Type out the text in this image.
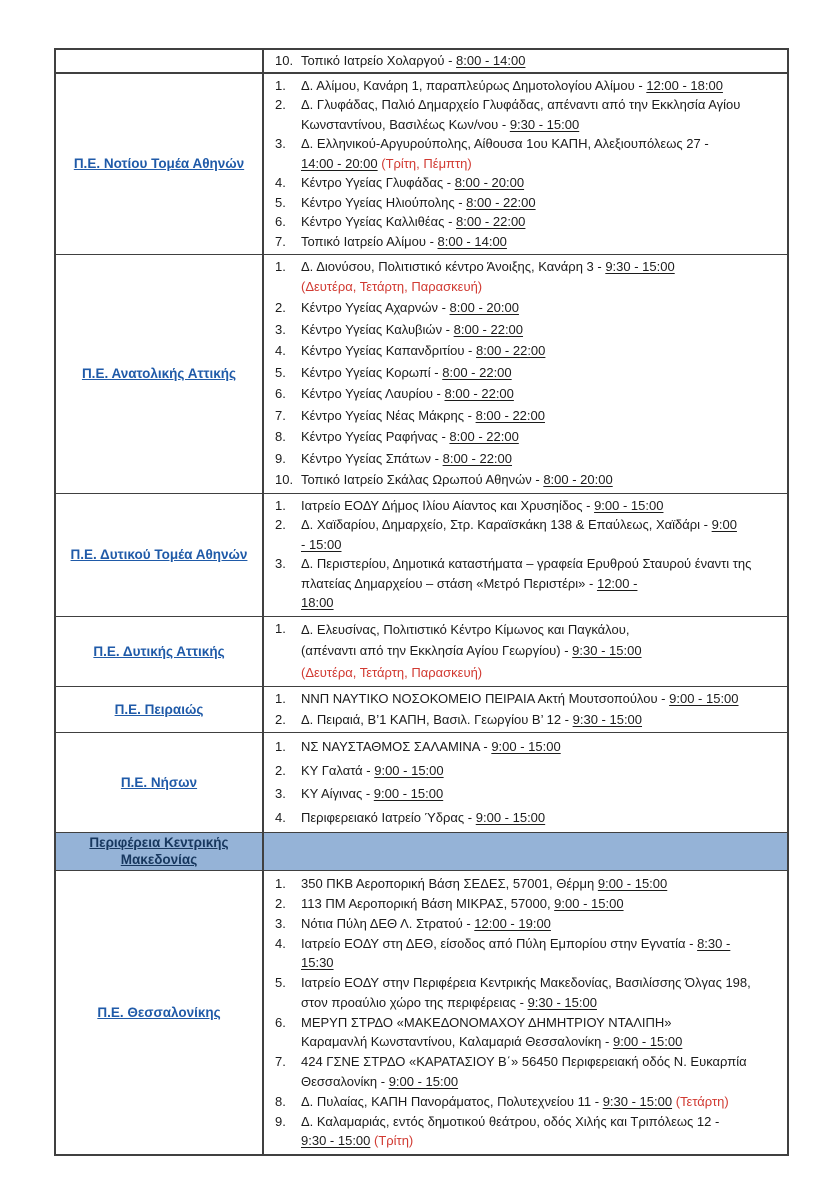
10. Τοπικό Ιατρείο Χολαργού - 8:00 - 14:00
Π.Ε. Νοτίου Τομέα Αθηνών
1.	Δ. Αλίμου, Κανάρη 1, παραπλεύρως Δημοτολογίου Αλίμου - 12:00 - 18:00
2.	Δ. Γλυφάδας, Παλιό Δημαρχείο Γλυφάδας, απέναντι από την Εκκλησία Αγίου Κωνσταντίνου, Βασιλέως Κων/νου - 9:30 - 15:00
3.	Δ. Ελληνικού-Αργυρούπολης, Αίθουσα 1ου ΚΑΠΗ, Αλεξιουπόλεως 27 -
14:00 - 20:00 (Τρίτη, Πέμπτη)
4.	Κέντρο Υγείας Γλυφάδας - 8:00 - 20:00
5.	Κέντρο Υγείας Ηλιούπολης - 8:00 - 22:00
6.	Κέντρο Υγείας Καλλιθέας - 8:00 - 22:00
7.	Τοπικό Ιατρείο Αλίμου - 8:00 - 14:00
Π.Ε. Ανατολικής Αττικής
1.	Δ. Διονύσου, Πολιτιστικό κέντρο Άνοιξης, Κανάρη 3 - 9:30 - 15:00
(Δευτέρα, Τετάρτη, Παρασκευή)
2.	Κέντρο Υγείας Αχαρνών - 8:00 - 20:00
3.	Κέντρο Υγείας Καλυβιών - 8:00 - 22:00
4.	Κέντρο Υγείας Καπανδριτίου - 8:00 - 22:00
5.	Κέντρο Υγείας Κορωπί - 8:00 - 22:00
6.	Κέντρο Υγείας Λαυρίου - 8:00 - 22:00
7.	Κέντρο Υγείας Νέας Μάκρης - 8:00 - 22:00
8.	Κέντρο Υγείας Ραφήνας - 8:00 - 22:00
9.	Κέντρο Υγείας Σπάτων - 8:00 - 22:00
10. Τοπικό Ιατρείο Σκάλας Ωρωπού Αθηνών - 8:00 - 20:00
Π.Ε. Δυτικού Τομέα Αθηνών
1.	Ιατρείο ΕΟΔΥ Δήμος Ιλίου Αίαντος και Χρυσηίδος - 9:00 - 15:00
2.	Δ. Χαϊδαρίου, Δημαρχείο, Στρ. Καραϊσκάκη 138 & Επαύλεως, Χαϊδάρι - 9:00
- 15:00
3.	Δ. Περιστερίου, Δημοτικά καταστήματα – γραφεία Ερυθρού Σταυρού έναντι της πλατείας Δημαρχείου – στάση «Μετρό Περιστέρι» - 12:00 -
18:00
Π.Ε. Δυτικής Αττικής
1.	Δ. Ελευσίνας, Πολιτιστικό Κέντρο Κίμωνος και Παγκάλου,
(απέναντι από την Εκκλησία Αγίου Γεωργίου) - 9:30 - 15:00
(Δευτέρα, Τετάρτη, Παρασκευή)
Π.Ε. Πειραιώς
1.	ΝΝΠ ΝΑΥΤΙΚΟ ΝΟΣΟΚΟΜΕΙΟ ΠΕΙΡΑΙΑ Ακτή Μουτσοπούλου - 9:00 - 15:00
2.	Δ. Πειραιά, Β’1 ΚΑΠΗ, Βασιλ. Γεωργίου Β’ 12 - 9:30 - 15:00
Π.Ε. Νήσων
1.	ΝΣ ΝΑΥΣΤΑΘΜΟΣ ΣΑΛΑΜΙΝΑ - 9:00 - 15:00
2.	ΚΥ Γαλατά - 9:00 - 15:00
3.	ΚΥ Αίγινας - 9:00 - 15:00
4.	Περιφερειακό Ιατρείο Ύδρας - 9:00 - 15:00
Περιφέρεια Κεντρικής Μακεδονίας
Π.Ε. Θεσσαλονίκης
1.	350 ΠΚΒ Αεροπορική Βάση ΣΕΔΕΣ, 57001, Θέρμη 9:00 - 15:00
2.	113 ΠΜ Αεροπορική Βάση ΜΙΚΡΑΣ, 57000, 9:00 - 15:00
3.	Νότια Πύλη ΔΕΘ Λ. Στρατού - 12:00 - 19:00
4.	Ιατρείο ΕΟΔΥ στη ΔΕΘ, είσοδος από Πύλη Εμπορίου στην Εγνατία - 8:30 -
15:30
5.	Ιατρείο ΕΟΔΥ στην Περιφέρεια Κεντρικής Μακεδονίας, Βασιλίσσης Όλγας 198, στον προαύλιο χώρο της περιφέρειας - 9:30 - 15:00
6.	ΜΕΡΥΠ ΣΤΡΔΟ «ΜΑΚΕΔΟΝΟΜΑΧΟΥ ΔΗΜΗΤΡΙΟΥ ΝΤΑΛΙΠΗ»
Καραμανλή Κωνσταντίνου, Καλαμαριά Θεσσαλονίκη - 9:00 - 15:00
7.	424 ΓΣΝΕ ΣΤΡΔΟ «ΚΑΡΑΤΑΣΙΟΥ Β΄» 56450 Περιφερειακή οδός Ν. Ευκαρπία Θεσσαλονίκη - 9:00 - 15:00
8.	Δ. Πυλαίας, ΚΑΠΗ Πανοράματος, Πολυτεχνείου 11 - 9:30 - 15:00 (Τετάρτη)
9.	Δ. Καλαμαριάς, εντός δημοτικού θεάτρου, οδός Χιλής και Τριπόλεως 12 -
9:30 - 15:00 (Τρίτη)
